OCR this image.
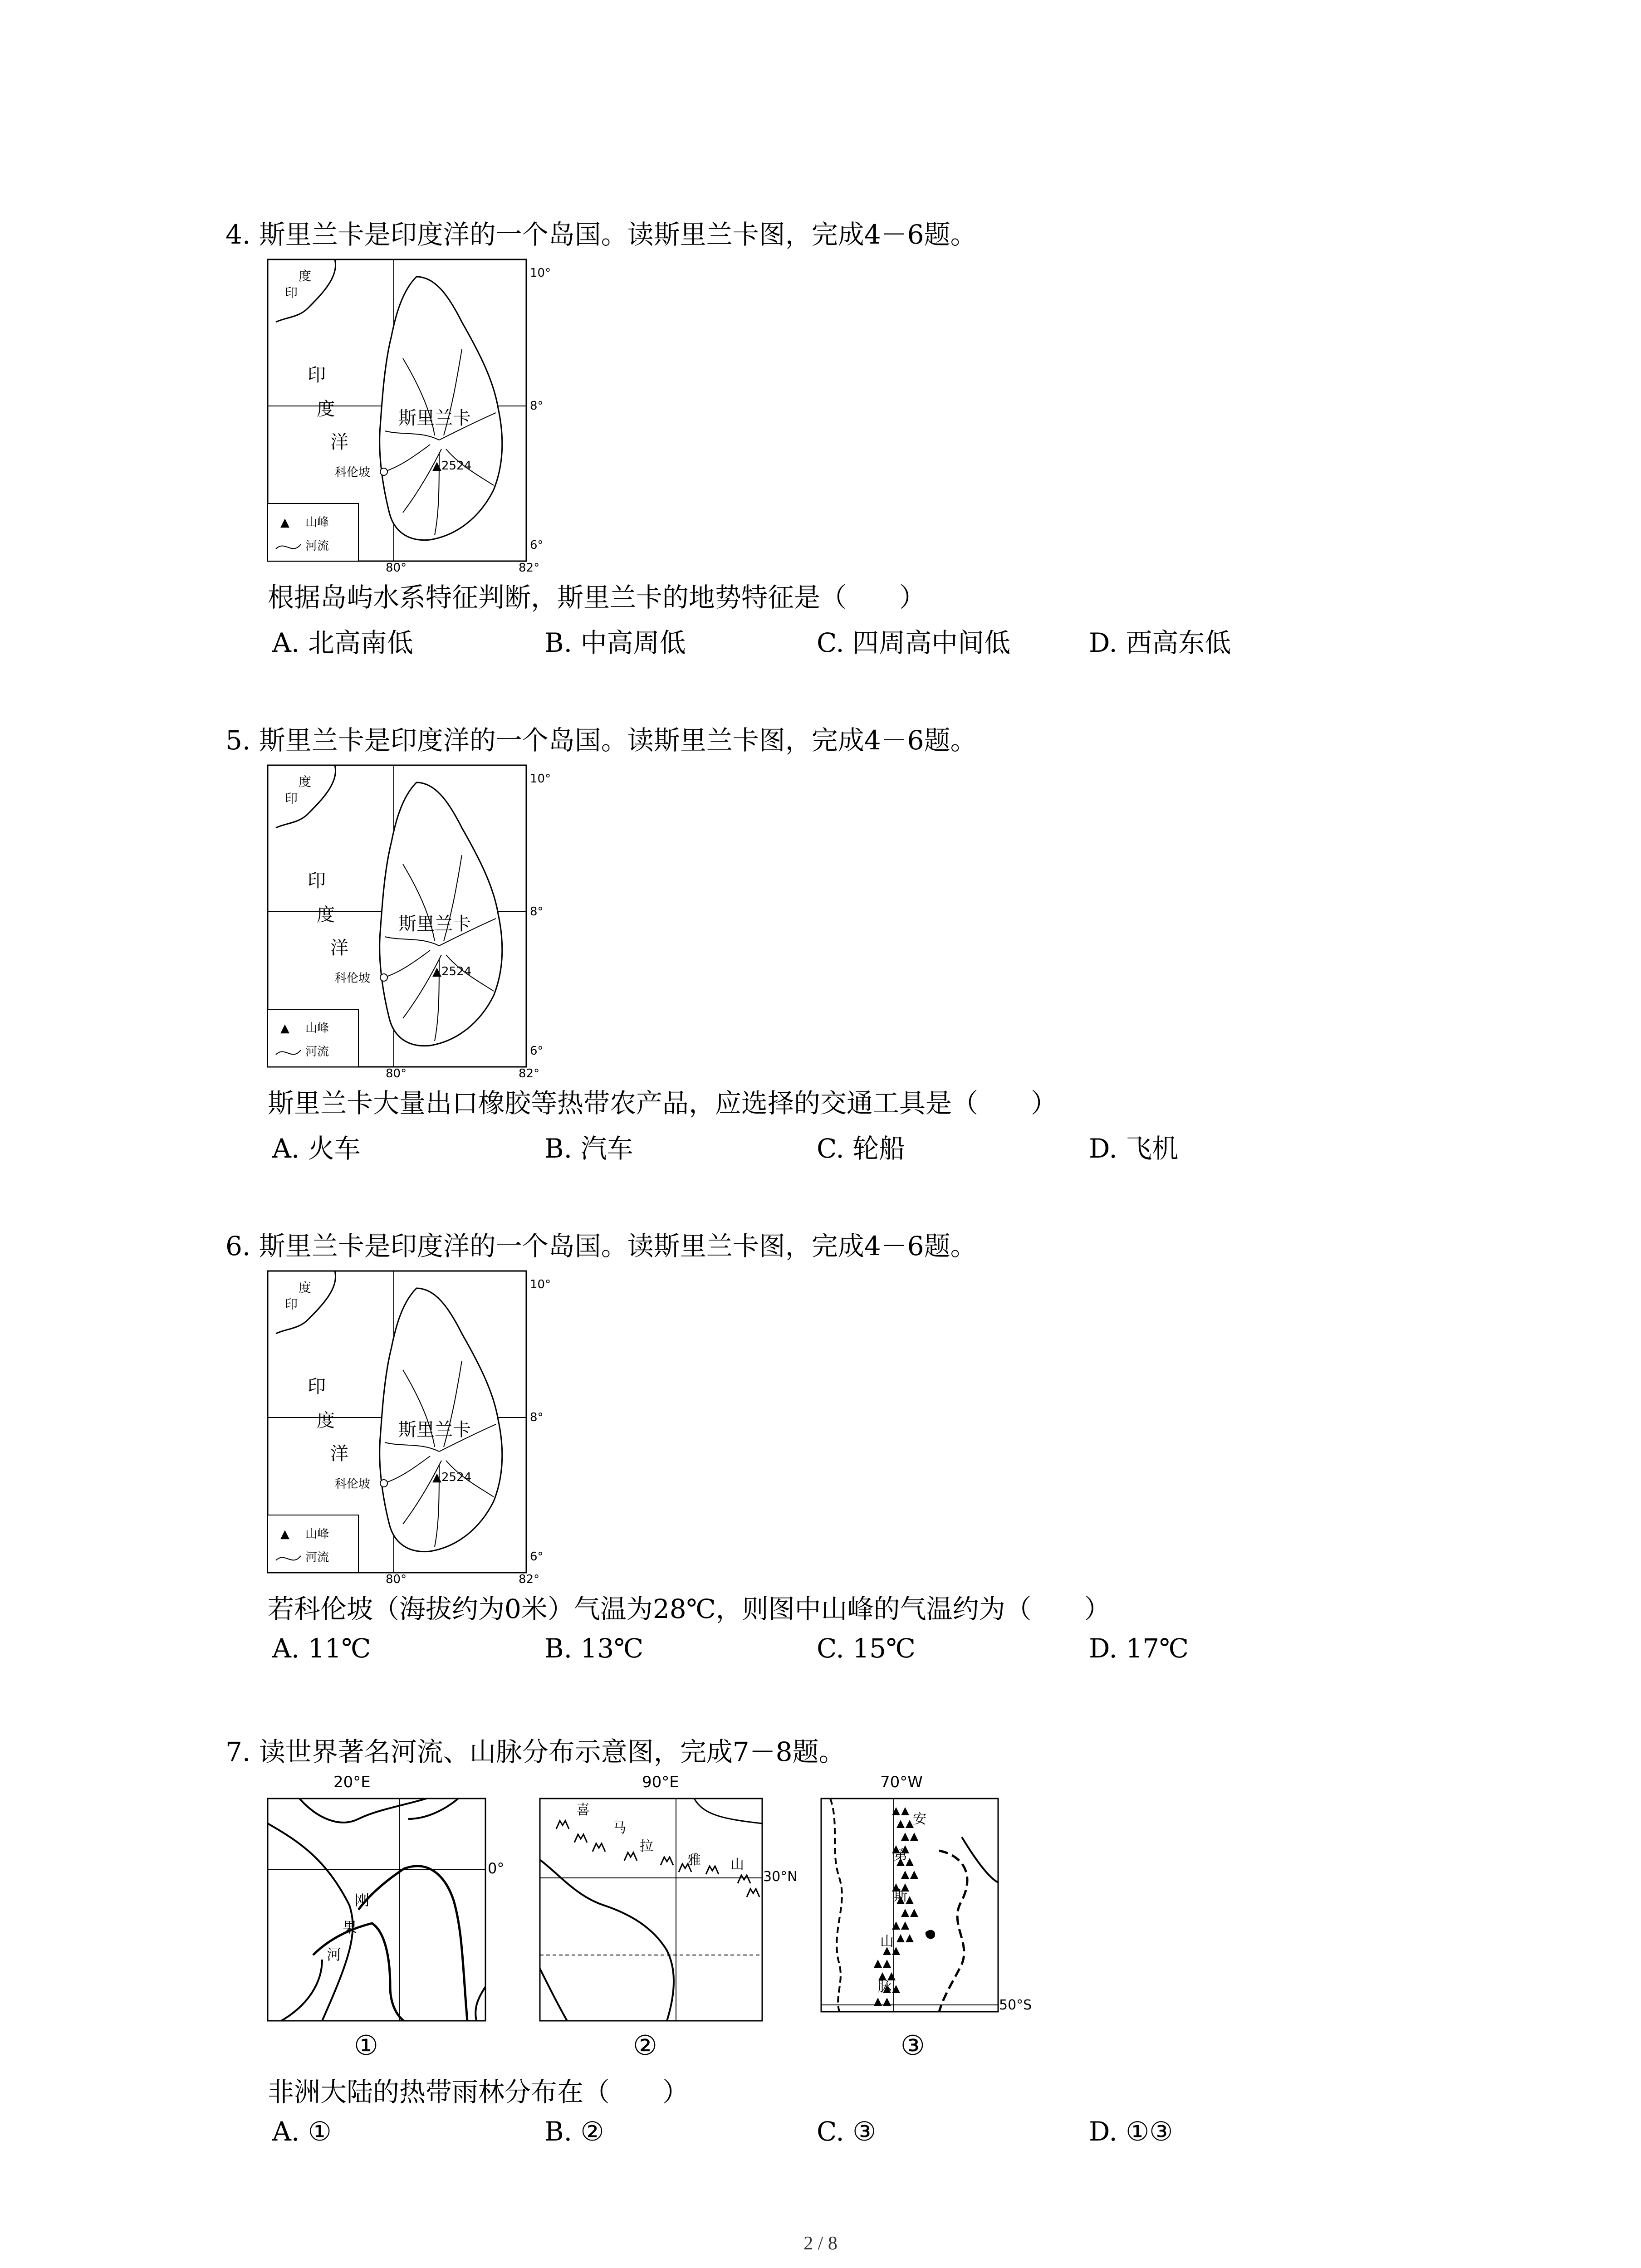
4. 斯里兰卡是印度洋的一个岛国。读斯里兰卡图，完成4－6题。
▲
度
印
10°
8°
6°
80°	82°
印
度
洋
斯里兰卡
▲2524
科伦坡
山峰
河流
根据岛屿水系特征判断，斯里兰卡的地势特征是（　　）
A. 北高南低	B. 中高周低	C. 四周高中间低	D. 西高东低
5. 斯里兰卡是印度洋的一个岛国。读斯里兰卡图，完成4－6题。
▲
度
印
10°
8°
6°
80°	82°
印
度
洋
斯里兰卡
▲2524
科伦坡
山峰
河流
斯里兰卡大量出口橡胶等热带农产品，应选择的交通工具是（　　）
A. 火车	B. 汽车	C. 轮船	D. 飞机
6. 斯里兰卡是印度洋的一个岛国。读斯里兰卡图，完成4－6题。
▲
度
印
10°
8°
6°
80°	82°
印
度
洋
斯里兰卡
▲2524
科伦坡
山峰
河流
若科伦坡（海拔约为0米）气温为28℃，则图中山峰的气温约为（　　）
A. 11℃	B. 13℃	C. 15℃	D. 17℃
7. 读世界著名河流、山脉分布示意图，完成7－8题。
20°E
0°
刚
果
河
①
90°E
30°N
喜
马
拉
雅 山
②
70°W
50°S
安
第
斯
山
脉
③
非洲大陆的热带雨林分布在（　　）
A. ①	B. ②	C. ③	D. ①③
2 / 8
